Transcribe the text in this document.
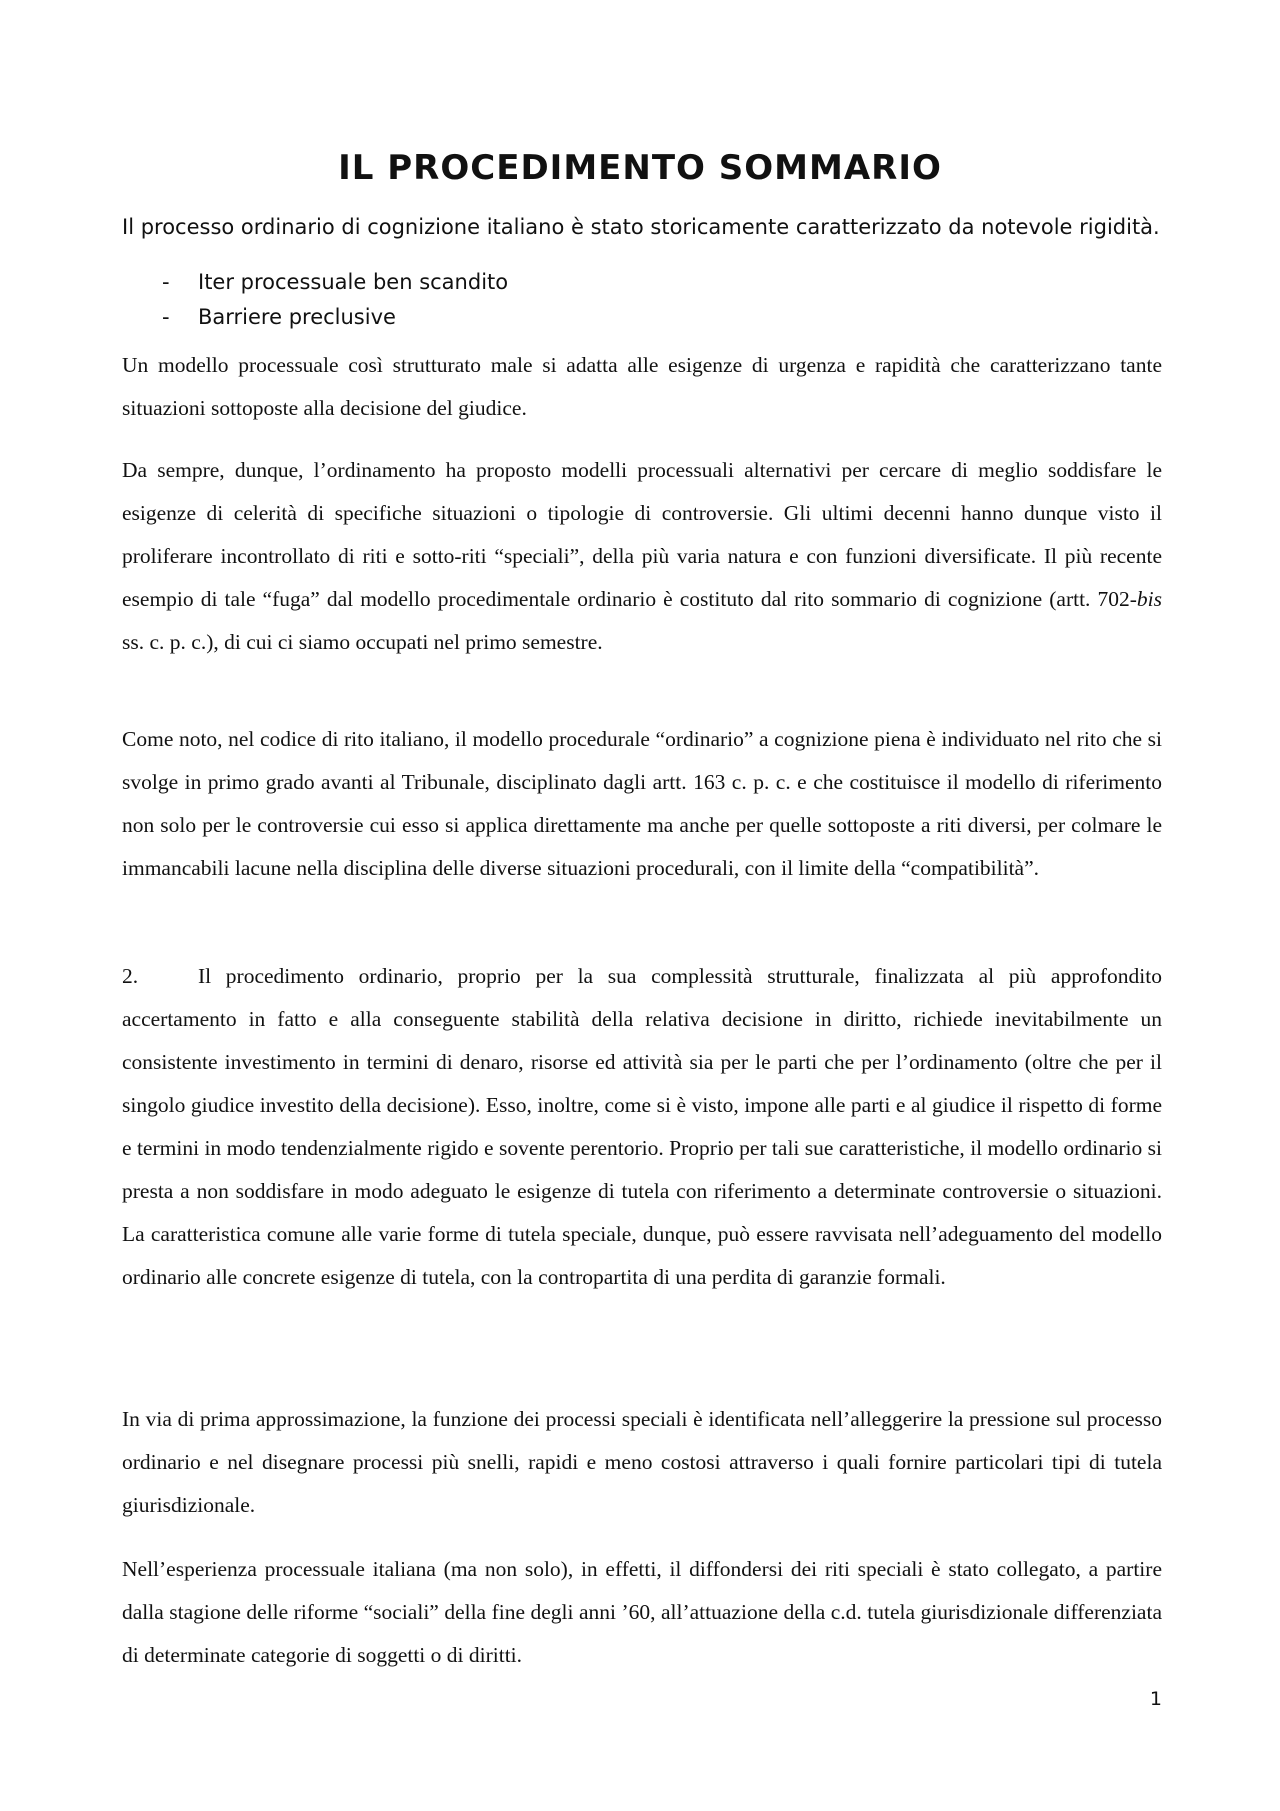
IL PROCEDIMENTO SOMMARIO

Il processo ordinario di cognizione italiano è stato storicamente caratterizzato da notevole rigidità.

- Iter processuale ben scandito
- Barriere preclusive

Un modello processuale così strutturato male si adatta alle esigenze di urgenza e rapidità che caratterizzano tante situazioni sottoposte alla decisione del giudice.

Da sempre, dunque, l’ordinamento ha proposto modelli processuali alternativi per cercare di meglio soddisfare le esigenze di celerità di specifiche situazioni o tipologie di controversie. Gli ultimi decenni hanno dunque visto il proliferare incontrollato di riti e sotto-riti “speciali”, della più varia natura e con funzioni diversificate. Il più recente esempio di tale “fuga” dal modello procedimentale ordinario è costituto dal rito sommario di cognizione (artt. 702-bis ss. c. p. c.), di cui ci siamo occupati nel primo semestre.

Come noto, nel codice di rito italiano, il modello procedurale “ordinario” a cognizione piena è individuato nel rito che si svolge in primo grado avanti al Tribunale, disciplinato dagli artt. 163 c. p. c. e che costituisce il modello di riferimento non solo per le controversie cui esso si applica direttamente ma anche per quelle sottoposte a riti diversi, per colmare le immancabili lacune nella disciplina delle diverse situazioni procedurali, con il limite della “compatibilità”.

2.	Il procedimento ordinario, proprio per la sua complessità strutturale, finalizzata al più approfondito accertamento in fatto e alla conseguente stabilità della relativa decisione in diritto, richiede inevitabilmente un consistente investimento in termini di denaro, risorse ed attività sia per le parti che per l’ordinamento (oltre che per il singolo giudice investito della decisione). Esso, inoltre, come si è visto, impone alle parti e al giudice il rispetto di forme e termini in modo tendenzialmente rigido e sovente perentorio. Proprio per tali sue caratteristiche, il modello ordinario si presta a non soddisfare in modo adeguato le esigenze di tutela con riferimento a determinate controversie o situazioni. La caratteristica comune alle varie forme di tutela speciale, dunque, può essere ravvisata nell’adeguamento del modello ordinario alle concrete esigenze di tutela, con la contropartita di una perdita di garanzie formali.

In via di prima approssimazione, la funzione dei processi speciali è identificata nell’alleggerire la pressione sul processo ordinario e nel disegnare processi più snelli, rapidi e meno costosi attraverso i quali fornire particolari tipi di tutela giurisdizionale.

Nell’esperienza processuale italiana (ma non solo), in effetti, il diffondersi dei riti speciali è stato collegato, a partire dalla stagione delle riforme “sociali” della fine degli anni ’60, all’attuazione della c.d. tutela giurisdizionale differenziata di determinate categorie di soggetti o di diritti.

1
